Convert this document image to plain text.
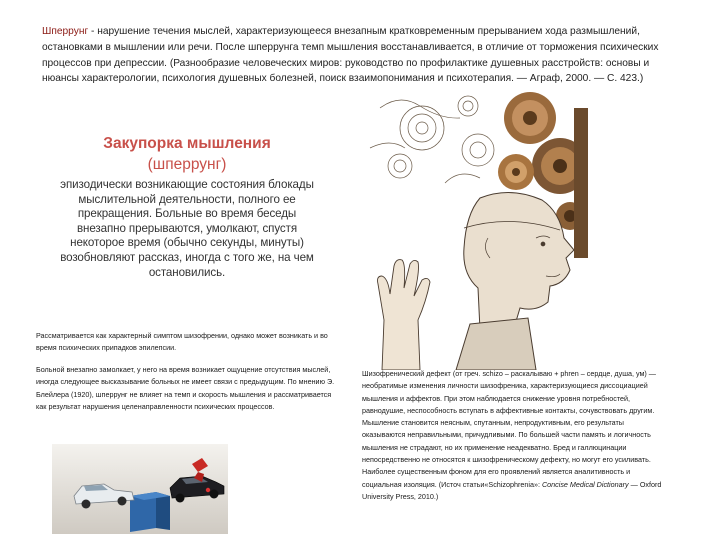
Шперрунг - нарушение течения мыслей, характеризующееся внезапным кратковременным прерыванием хода размышлений, остановками в мышлении или речи. После шперрунга темп мышления восстанавливается, в отличие от торможения психических процессов при депрессии. (Разнообразие человеческих миров: руководство по профилактике душевных расстройств: основы и нюансы характерологии, психология душевных болезней, поиск взаимопонимания и психотерапия. — Аграф, 2000. — С. 423.)
Закупорка мышления
(шперрунг)
эпизодически возникающие состояния блокады мыслительной деятельности, полного ее прекращения. Больные во время беседы внезапно прерываются, умолкают, спустя некоторое время (обычно секунды, минуты) возобновляют рассказ, иногда с того же, на чем остановились.

Рассматривается как характерный симптом шизофрении, однако может возникать и во время психических припадков эпилепсии.

Больной внезапно замолкает, у него на время возникает ощущение отсутствия мыслей, иногда следующее высказывание больных не имеет связи с предыдущим. По мнению Э. Блейлера (1920), шперрунг не влияет на темп и скорость мышления и рассматривается как результат нарушения целенаправленности психических процессов.

Шизофренический дефект (от греч. schizo – раскалываю + phren – сердце, душа, ум) — необратимые изменения личности шизофреника, характеризующиеся диссоциацией мышления и аффектов. При этом наблюдается снижение уровня потребностей, равнодушие, неспособность вступать в аффективные контакты, сочувствовать другим. Мышление становится неясным, спутанным, непродуктивным, его результаты оказываются неправильными, причудливыми. По большей части память и логичность мышления не страдают, но их применение неадекватно. Бред и галлюцинации непосредственно не относятся к шизофреническому дефекту, но могут его усиливать. Наиболее существенным фоном для его проявлений является аналитивность и социальная изоляция. (Источ статьи«Schizophrenia»: Concise Medical Dictionary — Oxford University Press, 2010.)
